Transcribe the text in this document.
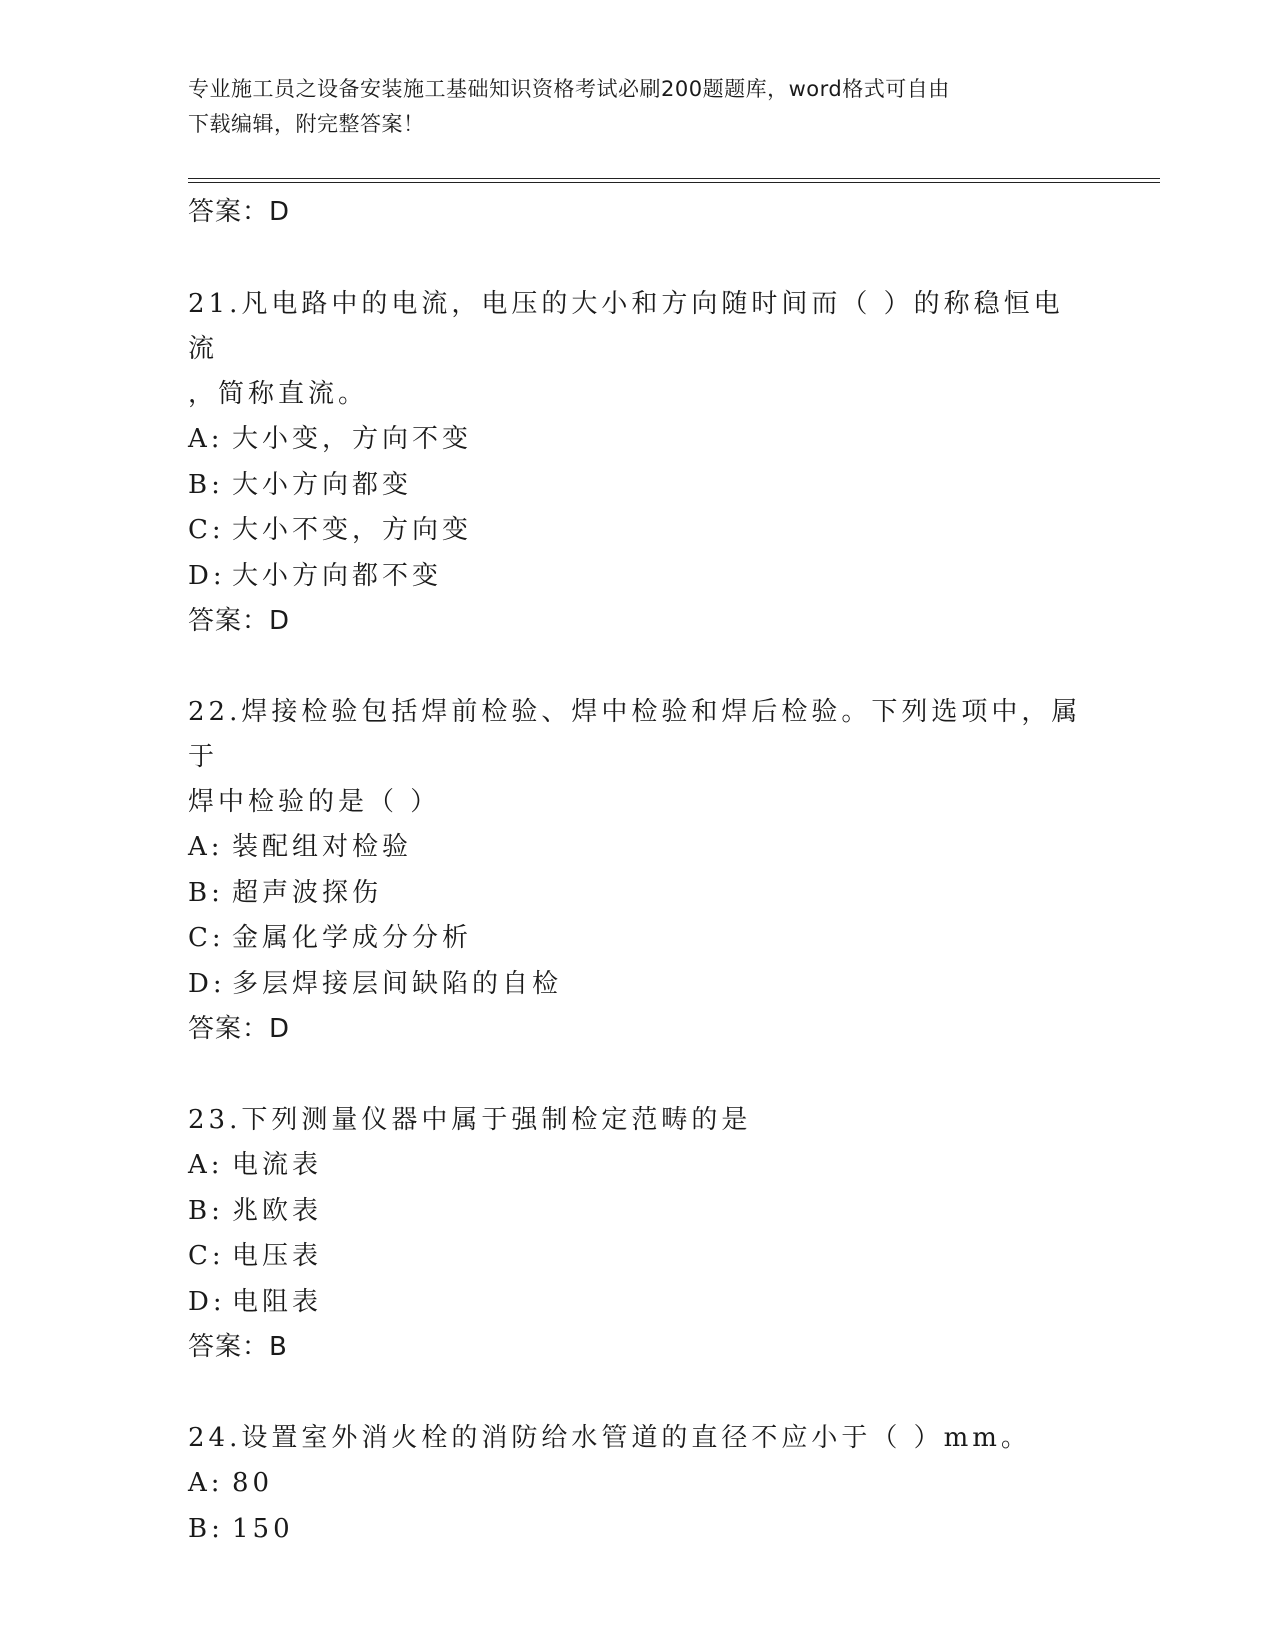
专业施工员之设备安装施工基础知识资格考试必刷200题题库，word格式可自由
下载编辑，附完整答案！
答案：D
21.凡电路中的电流，电压的大小和方向随时间而（ ）的称稳恒电流
，简称直流。
A: 大小变，方向不变
B: 大小方向都变
C: 大小不变，方向变
D: 大小方向都不变
答案：D
22.焊接检验包括焊前检验、焊中检验和焊后检验。下列选项中，属于
焊中检验的是（ ）
A: 装配组对检验
B: 超声波探伤
C: 金属化学成分分析
D: 多层焊接层间缺陷的自检
答案：D
23.下列测量仪器中属于强制检定范畴的是
A: 电流表
B: 兆欧表
C: 电压表
D: 电阻表
答案：B
24.设置室外消火栓的消防给水管道的直径不应小于（ ）mm。
A: 80
B: 150
